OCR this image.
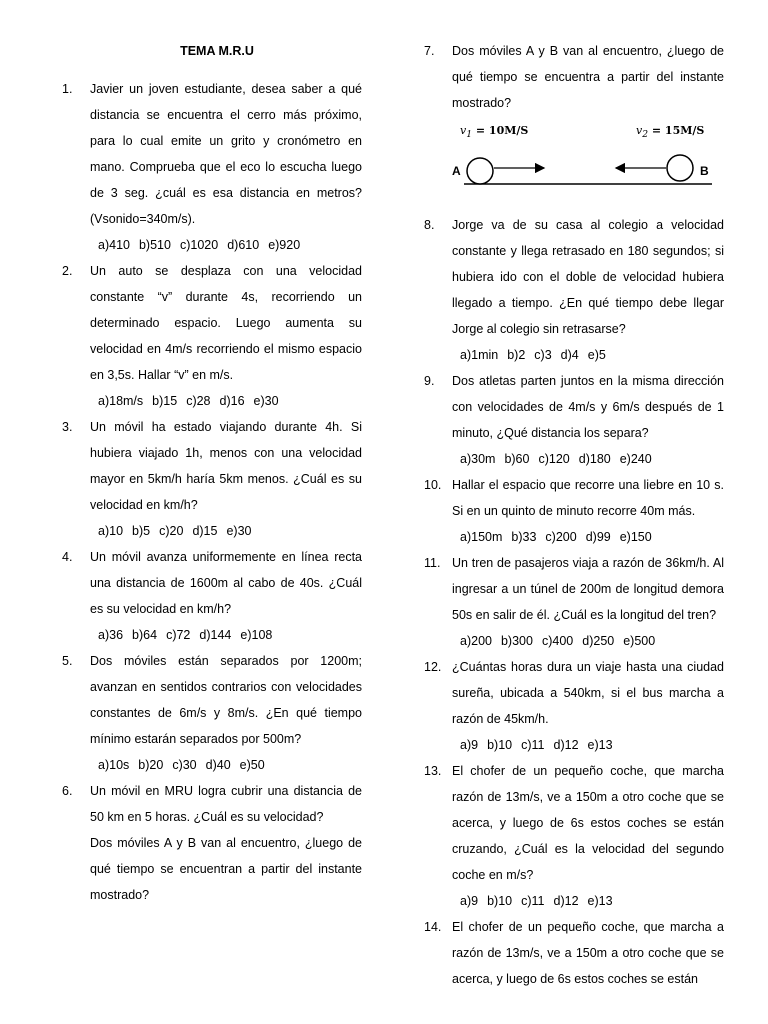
TEMA M.R.U
1. Javier un joven estudiante, desea saber a qué distancia se encuentra el cerro más próximo, para lo cual emite un grito y cronómetro en mano. Comprueba que el eco lo escucha luego de 3 seg. ¿cuál es esa distancia en metros? (Vsonido=340m/s).
a)410 b)510 c)1020 d)610 e)920
2. Un auto se desplaza con una velocidad constante “v” durante 4s, recorriendo un determinado espacio. Luego aumenta su velocidad en 4m/s recorriendo el mismo espacio en 3,5s. Hallar “v” en m/s.
a)18m/s b)15 c)28 d)16 e)30
3. Un móvil ha estado viajando durante 4h. Si hubiera viajado 1h, menos con una velocidad mayor en 5km/h haría 5km menos. ¿Cuál es su velocidad en km/h?
a)10 b)5 c)20 d)15 e)30
4. Un móvil avanza uniformemente en línea recta una distancia de 1600m al cabo de 40s. ¿Cuál es su velocidad en km/h?
a)36 b)64 c)72 d)144 e)108
5. Dos móviles están separados por 1200m; avanzan en sentidos contrarios con velocidades constantes de 6m/s y 8m/s. ¿En qué tiempo mínimo estarán separados por 500m?
a)10s b)20 c)30 d)40 e)50
6. Un móvil en MRU logra cubrir una distancia de 50 km en 5 horas. ¿Cuál es su velocidad?
Dos móviles A y B van al encuentro, ¿luego de qué tiempo se encuentran a partir del instante mostrado?
7. Dos móviles A y B van al encuentro, ¿luego de qué tiempo se encuentra a partir del instante mostrado?
$v_1 = 10M/S$	$v_2 = 15M/S$
A	B
8. Jorge va de su casa al colegio a velocidad constante y llega retrasado en 180 segundos; si hubiera ido con el doble de velocidad hubiera llegado a tiempo. ¿En qué tiempo debe llegar Jorge al colegio sin retrasarse?
a)1min b)2 c)3 d)4 e)5
9. Dos atletas parten juntos en la misma dirección con velocidades de 4m/s y 6m/s después de 1 minuto, ¿Qué distancia los separa?
a)30m b)60 c)120 d)180 e)240
10. Hallar el espacio que recorre una liebre en 10 s. Si en un quinto de minuto recorre 40m más.
a)150m b)33 c)200 d)99 e)150
11. Un tren de pasajeros viaja a razón de 36km/h. Al ingresar a un túnel de 200m de longitud demora 50s en salir de él. ¿Cuál es la longitud del tren?
a)200 b)300 c)400 d)250 e)500
12. ¿Cuántas horas dura un viaje hasta una ciudad sureña, ubicada a 540km, si el bus marcha a razón de 45km/h.
a)9 b)10 c)11 d)12 e)13
13. El chofer de un pequeño coche, que marcha razón de 13m/s, ve a 150m a otro coche que se acerca, y luego de 6s estos coches se están cruzando, ¿Cuál es la velocidad del segundo coche en m/s?
a)9 b)10 c)11 d)12 e)13
14. El chofer de un pequeño coche, que marcha a razón de 13m/s, ve a 150m a otro coche que se acerca, y luego de 6s estos coches se están
